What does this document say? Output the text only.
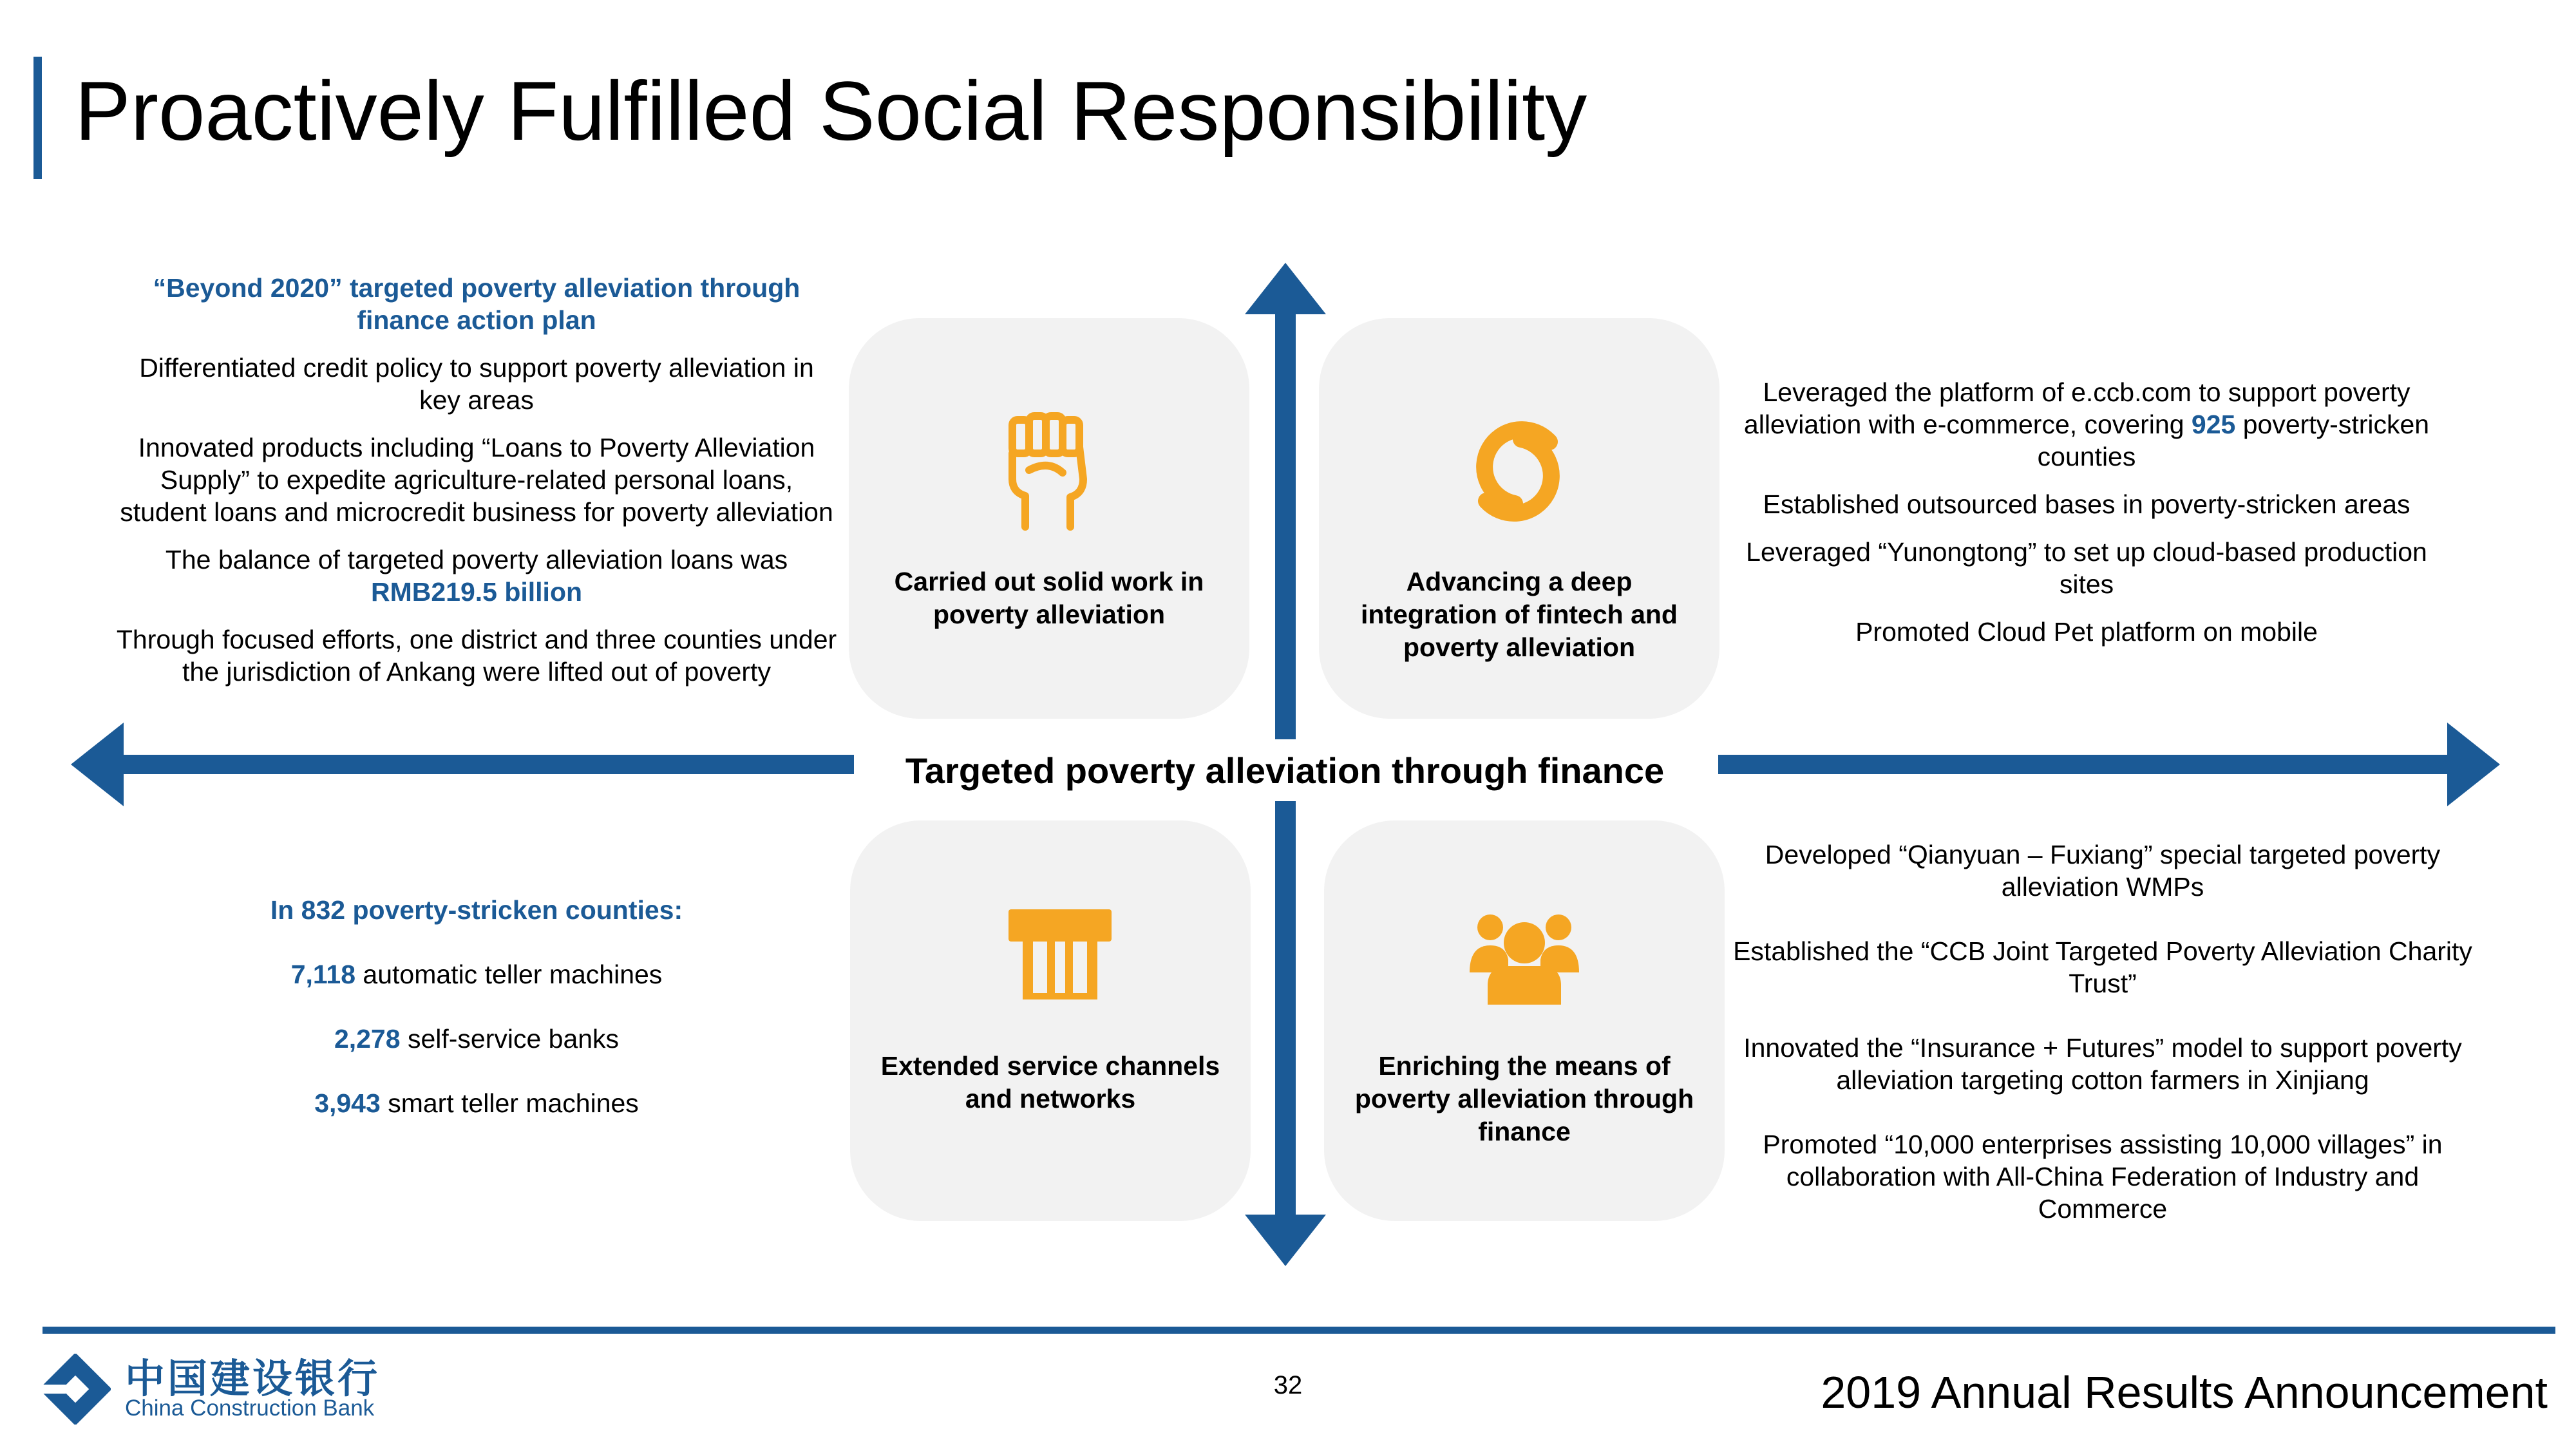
Proactively Fulfilled Social Responsibility
Targeted poverty alleviation through finance

“Beyond 2020” targeted poverty alleviation through finance action plan

Differentiated credit policy to support poverty alleviation in key areas

Innovated products including “Loans to Poverty Alleviation Supply” to expedite agriculture-related personal loans, student loans and microcredit business for poverty alleviation

The balance of targeted poverty alleviation loans was RMB219.5 billion

Through focused efforts, one district and three counties under the jurisdiction of Ankang were lifted out of poverty

Leveraged the platform of e.ccb.com to support poverty alleviation with e-commerce, covering 925 poverty-stricken counties

Established outsourced bases in poverty-stricken areas

Leveraged “Yunongtong” to set up cloud-based production sites

Promoted Cloud Pet platform on mobile

In 832 poverty-stricken counties:

7,118 automatic teller machines

2,278 self-service banks

3,943 smart teller machines

Developed “Qianyuan – Fuxiang” special targeted poverty alleviation WMPs

Established the “CCB Joint Targeted Poverty Alleviation Charity Trust”

Innovated the “Insurance + Futures” model to support poverty alleviation targeting cotton farmers in Xinjiang

Promoted “10,000 enterprises assisting 10,000 villages” in collaboration with All-China Federation of Industry and Commerce

Carried out solid work in poverty alleviation
Advancing a deep integration of fintech and poverty alleviation
Extended service channels and networks
Enriching the means of poverty alleviation through finance
中国建设银行
China Construction Bank
32	2019 Annual Results Announcement
